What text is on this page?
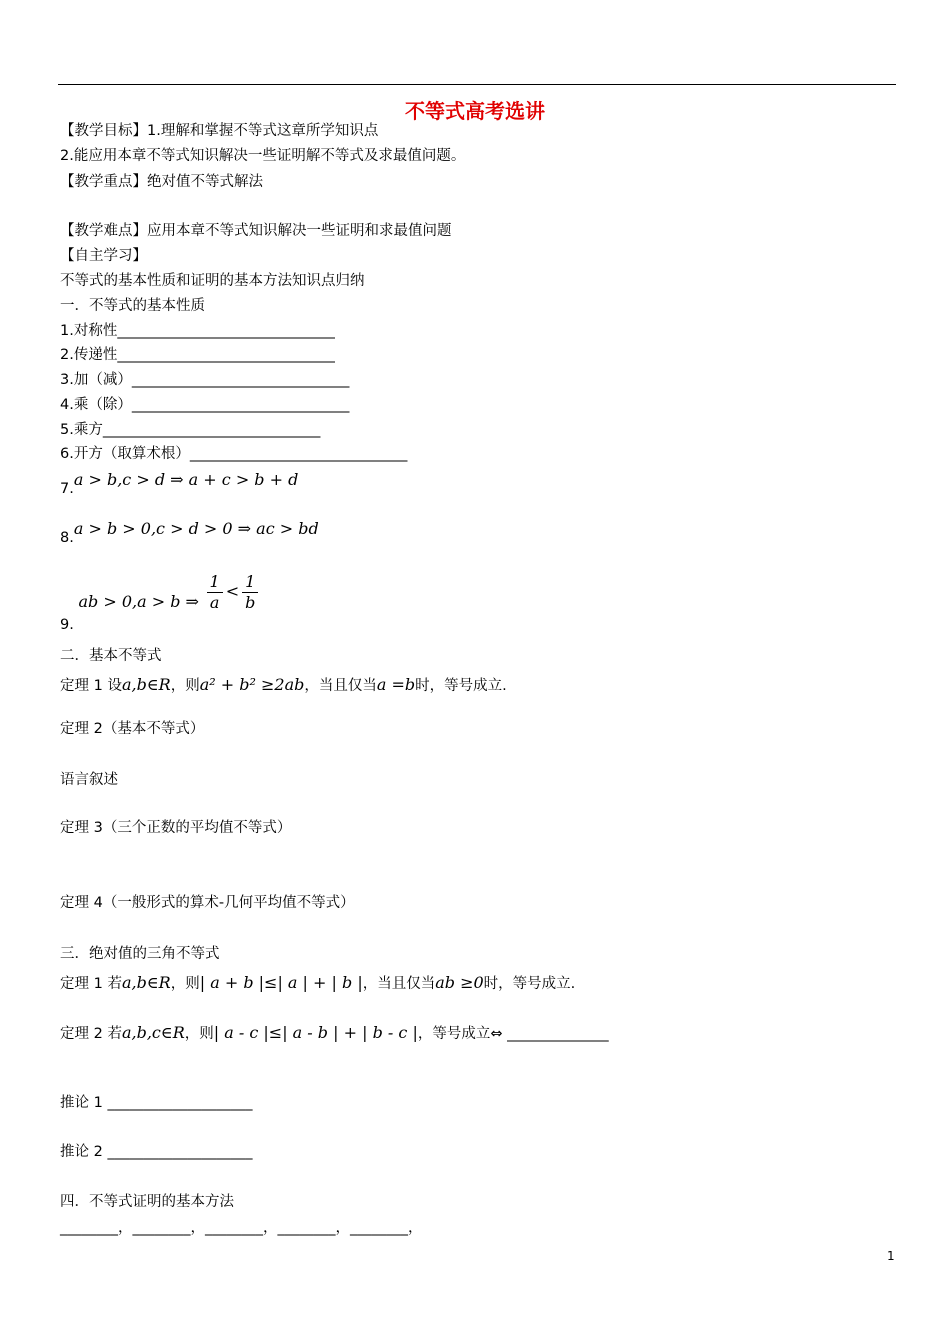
不等式高考选讲
【教学目标】1.理解和掌握不等式这章所学知识点
2.能应用本章不等式知识解决一些证明解不等式及求最值问题。
【教学重点】绝对值不等式解法
【教学难点】应用本章不等式知识解决一些证明和求最值问题
【自主学习】
不等式的基本性质和证明的基本方法知识点归纳
一．不等式的基本性质
1.对称性______________________________
2.传递性______________________________
3.加（减）______________________________
4.乘（除）______________________________
5.乘方______________________________
6.开方（取算术根）______________________________
7.a > b,c > d ⇒ a + c > b + d
8.a > b > 0,c > d > 0 ⇒ ac > bd
9. ab > 0,a > b ⇒ $\frac{1}{a} < \frac{1}{b}$
二．基本不等式
定理 1 设a,b∈R，则a² + b² ≥2ab，当且仅当a =b时，等号成立.
定理 2（基本不等式）
语言叙述
定理 3（三个正数的平均值不等式）
定理 4（一般形式的算术-几何平均值不等式）
三．绝对值的三角不等式
定理 1 若a,b∈R，则| a + b |≤| a | + | b |，当且仅当ab ≥0时，等号成立.
定理 2 若a,b,c∈R，则| a - c |≤| a - b | + | b - c |，等号成立⇔ ______________
推论 1 ____________________
推论 2 ____________________
四．不等式证明的基本方法
________，________，________，________，________，
1
